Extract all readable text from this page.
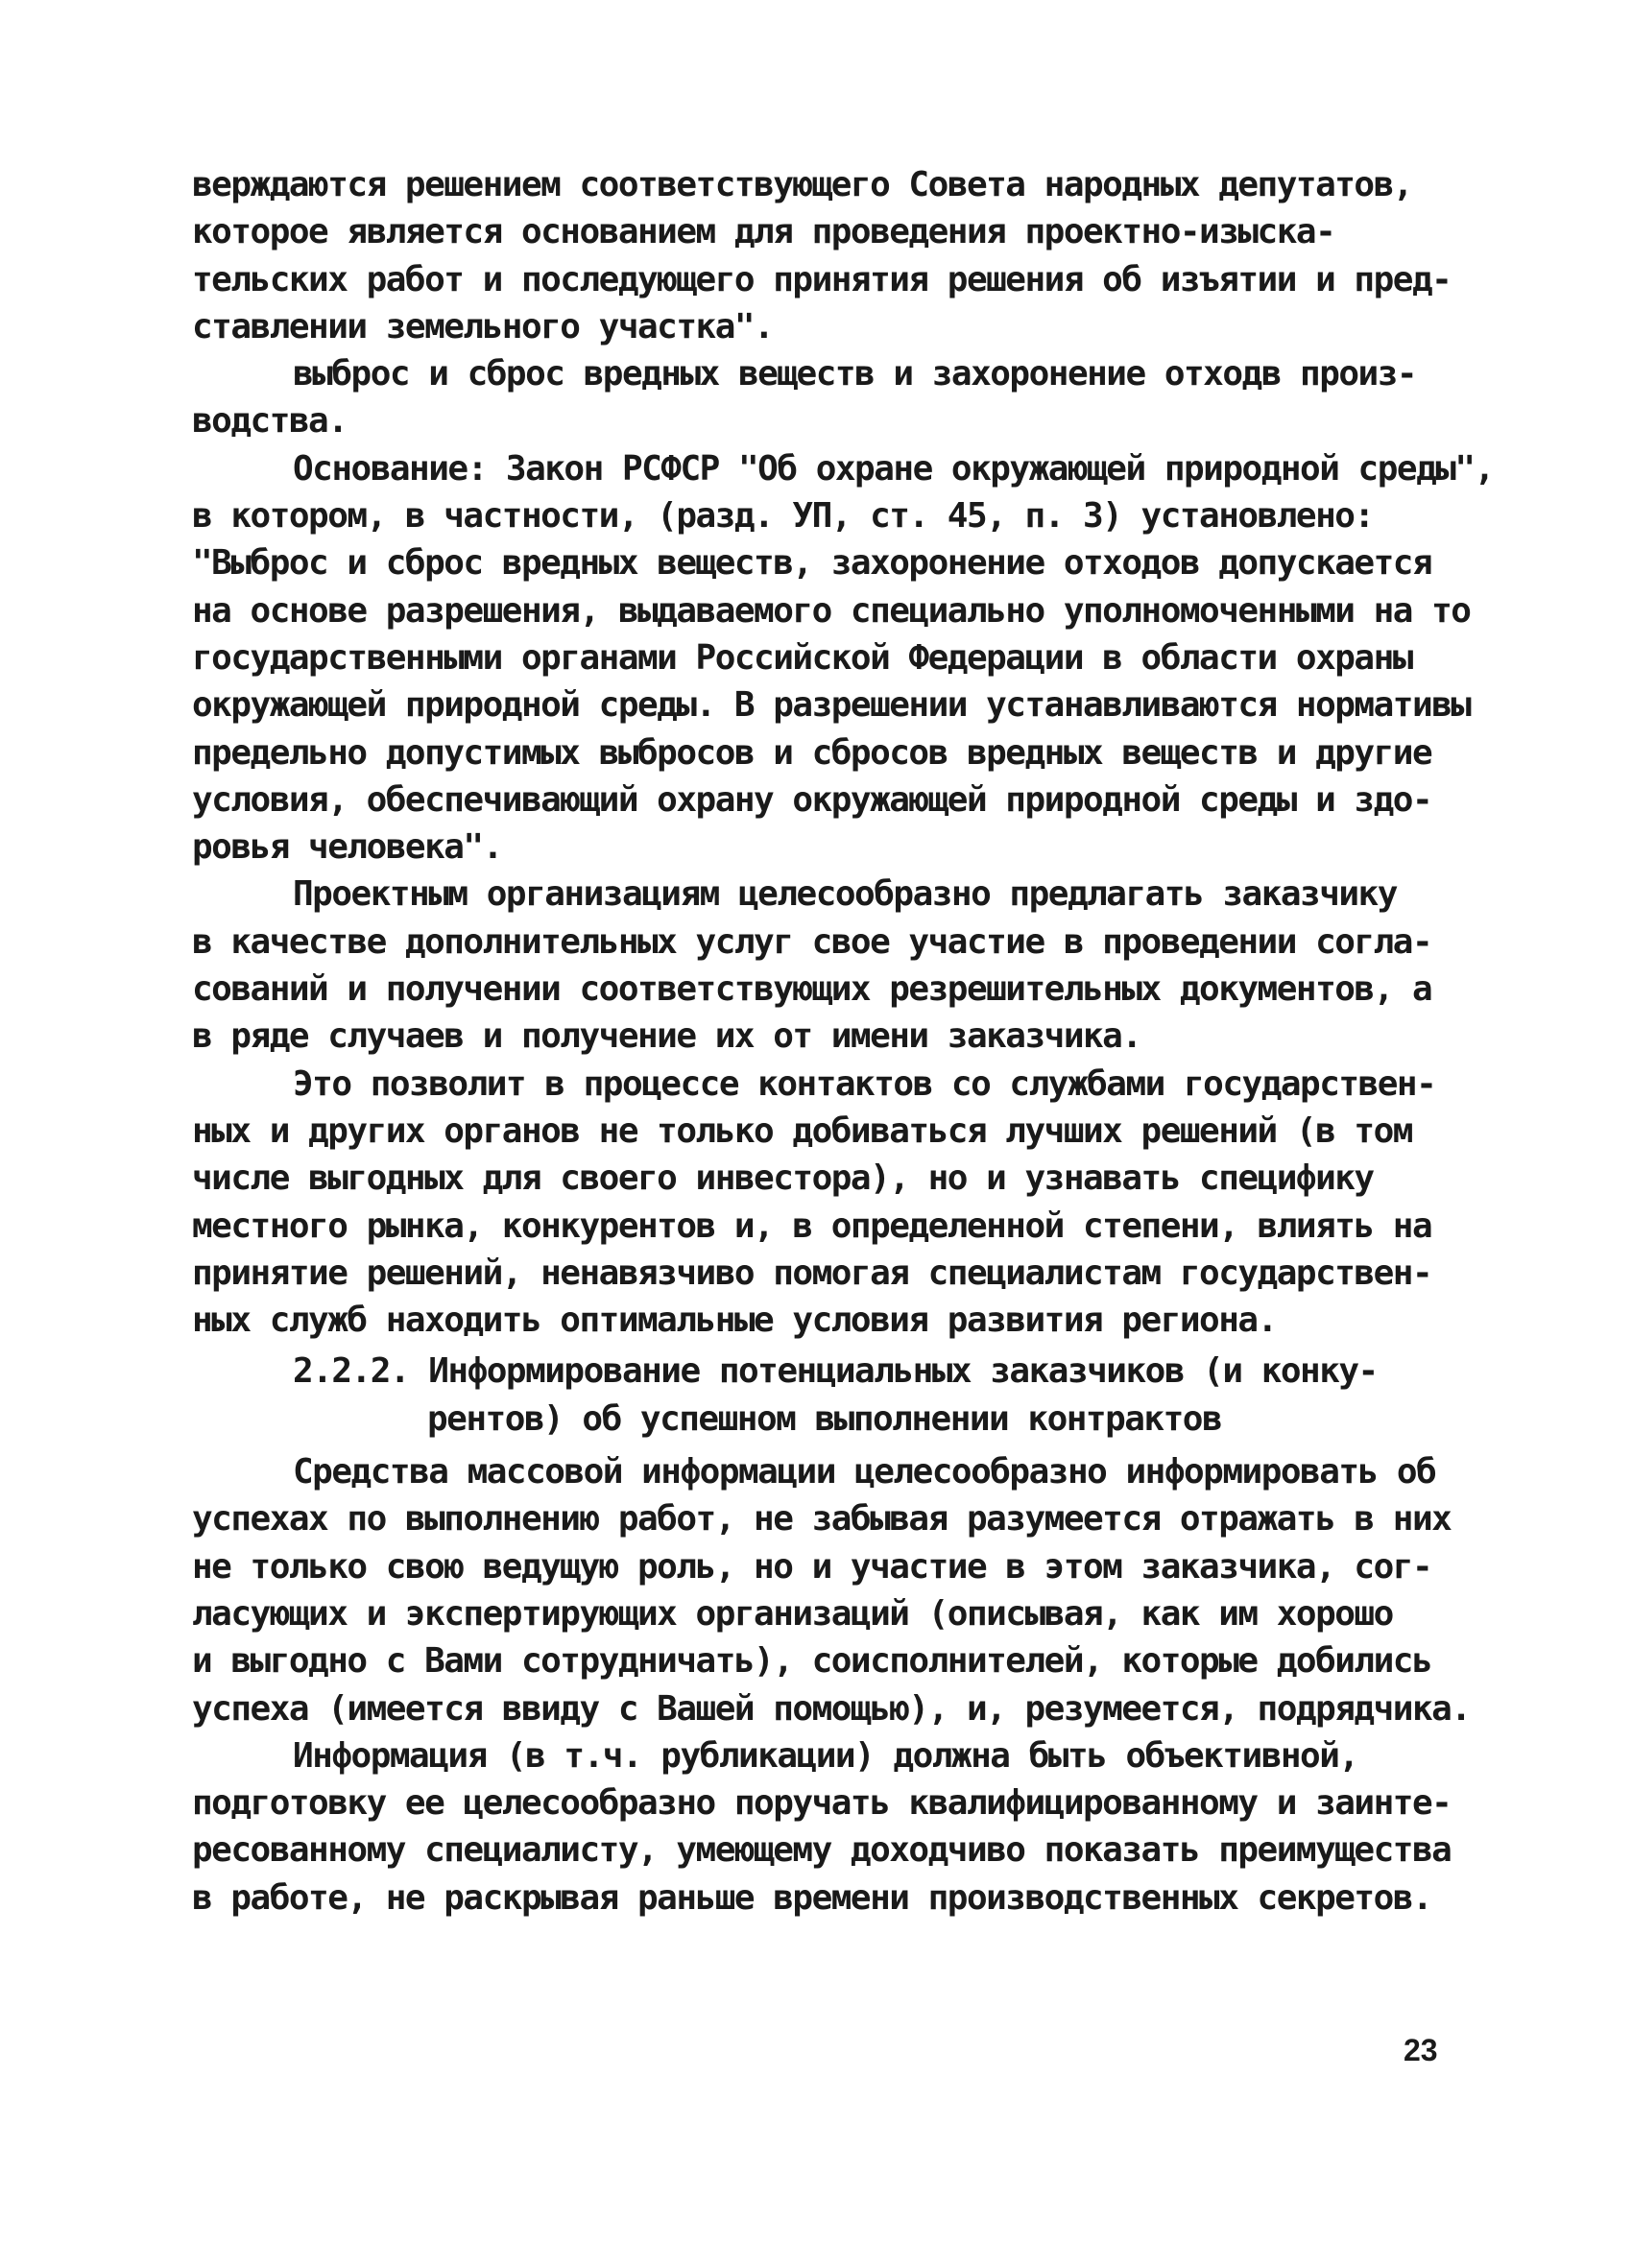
верждаются решением соответствующего Совета народных депутатов,
которое является основанием для проведения проектно-изыска-
тельских работ и последующего принятия решения об изъятии и пред-
ставлении земельного участка".
выброс и сброс вредных веществ и захоронение отходв произ-
водства.
Основание: Закон РСФСР "Об охране окружающей природной среды",
в котором, в частности, (разд. УП, ст. 45, п. 3) установлено:
"Выброс и сброс вредных веществ, захоронение отходов допускается
на основе разрешения, выдаваемого специально уполномоченными на то
государственными органами Российской Федерации в области охраны
окружающей природной среды. В разрешении устанавливаются нормативы
предельно допустимых выбросов и сбросов вредных веществ и другие
условия, обеспечивающий охрану окружающей природной среды и здо-
ровья человека".
Проектным организациям целесообразно предлагать заказчику
в качестве дополнительных услуг свое участие в проведении согла-
сований и получении соответствующих резрешительных документов, а
в ряде случаев и получение их от имени заказчика.
Это позволит в процессе контактов со службами государствен-
ных и других органов не только добиваться лучших решений (в том
числе выгодных для своего инвестора), но и узнавать специфику
местного рынка, конкурентов и, в определенной степени, влиять на
принятие решений, ненавязчиво помогая специалистам государствен-
ных служб находить оптимальные условия развития региона.
2.2.2. Информирование потенциальных заказчиков (и конку-
рентов) об успешном выполнении контрактов
Средства массовой информации целесообразно информировать об
успехах по выполнению работ, не забывая разумеется отражать в них
не только свою ведущую роль, но и участие в этом заказчика, сог-
ласующих и экспертирующих организаций (описывая, как им хорошо
и выгодно с Вами сотрудничать), соисполнителей, которые добились
успеха (имеется ввиду с Вашей помощью), и, резумеется, подрядчика.
Информация (в т.ч. рубликации) должна быть объективной,
подготовку ее целесообразно поручать квалифицированному и заинте-
ресованному специалисту, умеющему доходчиво показать преимущества
в работе, не раскрывая раньше времени производственных секретов.
23
